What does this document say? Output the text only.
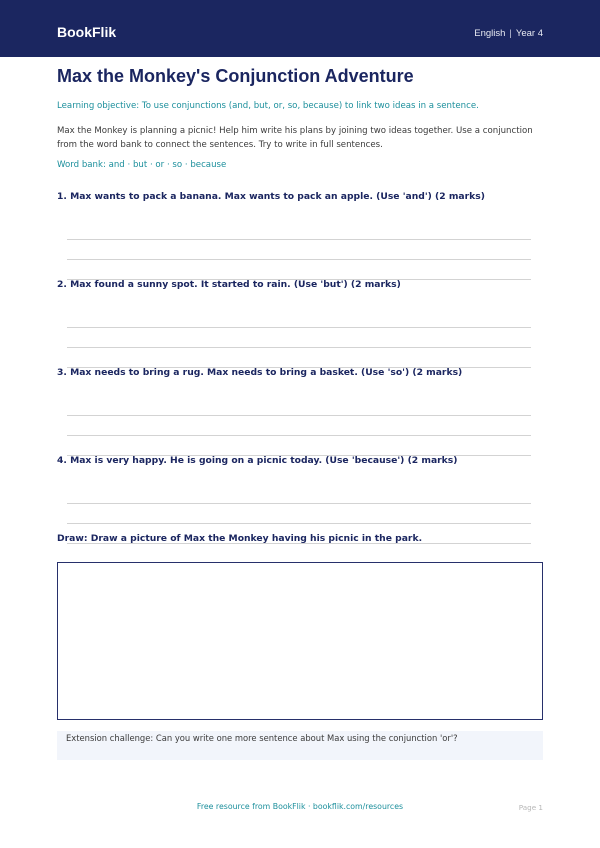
BookFlik	English | Year 4
Max the Monkey's Conjunction Adventure
Learning objective: To use conjunctions (and, but, or, so, because) to link two ideas in a sentence.
Max the Monkey is planning a picnic! Help him write his plans by joining two ideas together. Use a conjunction from the word bank to connect the sentences. Try to write in full sentences.
Word bank: and · but · or · so · because
1. Max wants to pack a banana. Max wants to pack an apple. (Use 'and') (2 marks)
2. Max found a sunny spot. It started to rain. (Use 'but') (2 marks)
3. Max needs to bring a rug. Max needs to bring a basket. (Use 'so') (2 marks)
4. Max is very happy. He is going on a picnic today. (Use 'because') (2 marks)
Draw: Draw a picture of Max the Monkey having his picnic in the park.
Extension challenge: Can you write one more sentence about Max using the conjunction 'or'?
Free resource from BookFlik · bookflik.com/resources	Page 1
